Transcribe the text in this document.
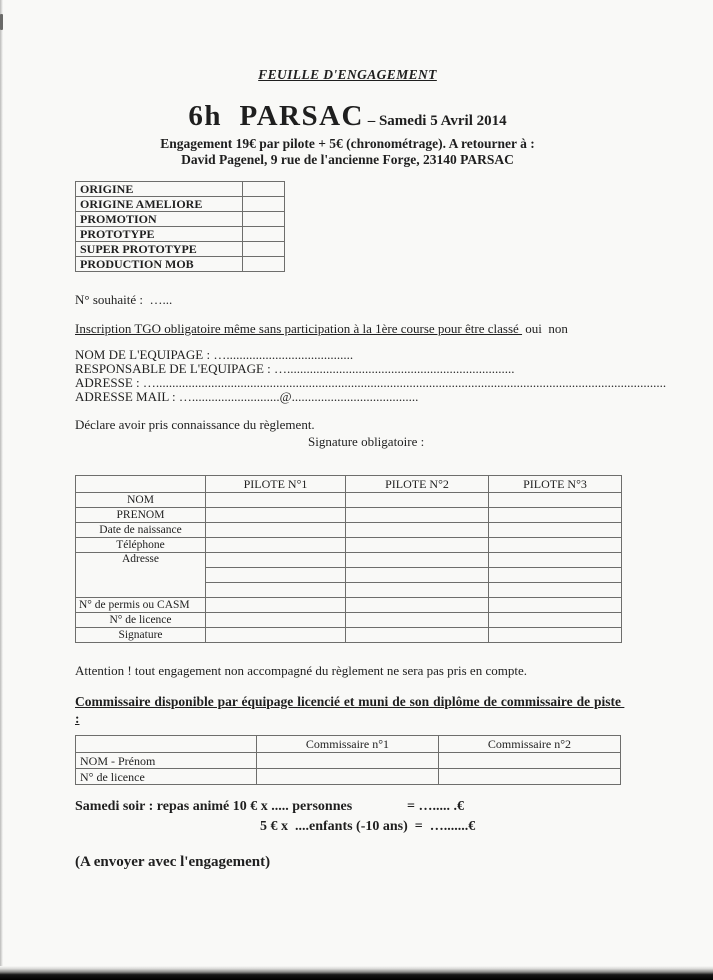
FEUILLE D'ENGAGEMENT
6h  PARSAC – Samedi 5 Avril 2014
Engagement 19€ par pilote + 5€ (chronométrage). A retourner à :
David Pagenel, 9 rue de l'ancienne Forge, 23140 PARSAC
ORIGINE	
ORIGINE AMELIORE	
PROMOTION	
PROTOTYPE	
SUPER PROTOTYPE	
PRODUCTION MOB	
N° souhaité :  …...
Inscription TGO obligatoire même sans participation à la 1ère course pour être classé  oui  non
NOM DE L'EQUIPAGE : ….......................................
RESPONSABLE DE L'EQUIPAGE : …......................................................................
ADRESSE : ….............................................................................................................................................................
ADRESSE MAIL : …...........................@.......................................
Déclare avoir pris connaissance du règlement.
Signature obligatoire :
	PILOTE N°1	PILOTE N°2	PILOTE N°3
NOM			
PRENOM			
Date de naissance			
Téléphone			
Adresse			

N° de permis ou CASM			
N° de licence			
Signature			
Attention ! tout engagement non accompagné du règlement ne sera pas pris en compte.
Commissaire disponible par équipage licencié et muni de son diplôme de commissaire de piste :
	Commissaire n°1	Commissaire n°2
NOM - Prénom		
N° de licence		
Samedi soir : repas animé 10 € x ..... personnes	= …..... .€
5 € x  ....enfants (-10 ans)  =  ….......€
(A envoyer avec l'engagement)
